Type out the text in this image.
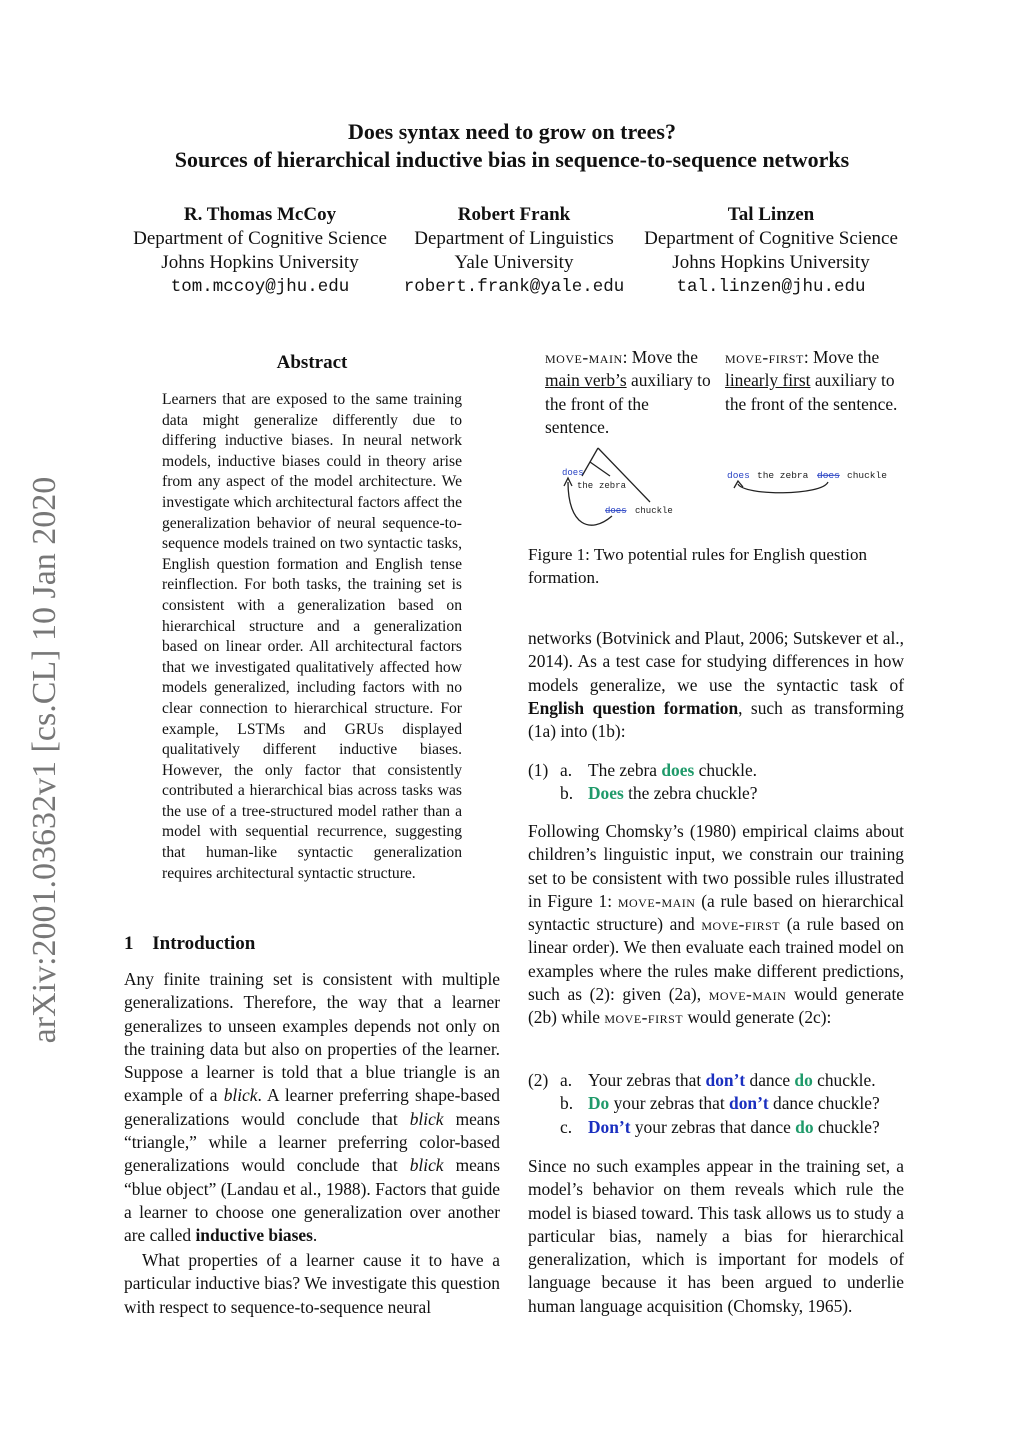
Does syntax need to grow on trees?
Sources of hierarchical inductive bias in sequence-to-sequence networks
R. Thomas McCoy
Department of Cognitive Science
Johns Hopkins University
tom.mccoy@jhu.edu
Robert Frank
Department of Linguistics
Yale University
robert.frank@yale.edu
Tal Linzen
Department of Cognitive Science
Johns Hopkins University
tal.linzen@jhu.edu
arXiv:2001.03632v1 [cs.CL] 10 Jan 2020
Abstract
Learners that are exposed to the same training data might generalize differently due to differing inductive biases. In neural network models, inductive biases could in theory arise from any aspect of the model architecture. We investigate which architectural factors affect the generalization behavior of neural sequence-to-sequence models trained on two syntactic tasks, English question formation and English tense reinflection. For both tasks, the training set is consistent with a generalization based on hierarchical structure and a generalization based on linear order. All architectural factors that we investigated qualitatively affected how models generalized, including factors with no clear connection to hierarchical structure. For example, LSTMs and GRUs displayed qualitatively different inductive biases. However, the only factor that consistently contributed a hierarchical bias across tasks was the use of a tree-structured model rather than a model with sequential recurrence, suggesting that human-like syntactic generalization requires architectural syntactic structure.
1 Introduction
Any finite training set is consistent with multiple generalizations. Therefore, the way that a learner generalizes to unseen examples depends not only on the training data but also on properties of the learner. Suppose a learner is told that a blue triangle is an example of a blick. A learner preferring shape-based generalizations would conclude that blick means “triangle,” while a learner preferring color-based generalizations would conclude that blick means “blue object” (Landau et al., 1988). Factors that guide a learner to choose one generalization over another are called inductive biases.
What properties of a learner cause it to have a particular inductive bias? We investigate this question with respect to sequence-to-sequence neural
move-main: Move the main verb’s auxiliary to the front of the sentence.
move-first: Move the linearly first auxiliary to the front of the sentence.
does
the zebra
does chuckle
does the zebra does chuckle
Figure 1: Two potential rules for English question formation.
networks (Botvinick and Plaut, 2006; Sutskever et al., 2014). As a test case for studying differences in how models generalize, we use the syntactic task of English question formation, such as transforming (1a) into (1b):
(1) a. The zebra does chuckle.
b. Does the zebra chuckle?
Following Chomsky’s (1980) empirical claims about children’s linguistic input, we constrain our training set to be consistent with two possible rules illustrated in Figure 1: move-main (a rule based on hierarchical syntactic structure) and move-first (a rule based on linear order). We then evaluate each trained model on examples where the rules make different predictions, such as (2): given (2a), move-main would generate (2b) while move-first would generate (2c):
(2) a. Your zebras that don’t dance do chuckle.
b. Do your zebras that don’t dance chuckle?
c. Don’t your zebras that dance do chuckle?
Since no such examples appear in the training set, a model’s behavior on them reveals which rule the model is biased toward. This task allows us to study a particular bias, namely a bias for hierarchical generalization, which is important for models of language because it has been argued to underlie human language acquisition (Chomsky, 1965).
